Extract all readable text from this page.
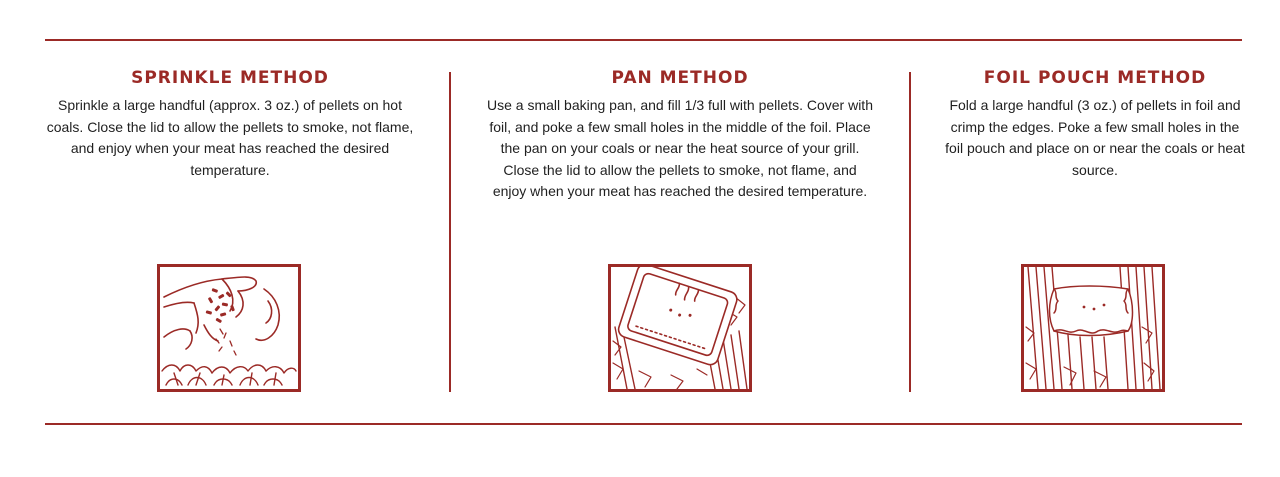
SPRINKLE METHOD

Sprinkle a large handful (approx. 3 oz.) of pellets on hot coals. Close the lid to allow the pellets to smoke, not flame, and enjoy when your meat has reached the desired temperature.

PAN METHOD

Use a small baking pan, and fill 1/3 full with pellets. Cover with foil, and poke a few small holes in the middle of the foil. Place the pan on your coals or near the heat source of your grill. Close the lid to allow the pellets to smoke, not flame, and enjoy when your meat has reached the desired temperature.

FOIL POUCH METHOD

Fold a large handful (3 oz.) of pellets in foil and crimp the edges. Poke a few small holes in the foil pouch and place on or near the coals or heat source.
